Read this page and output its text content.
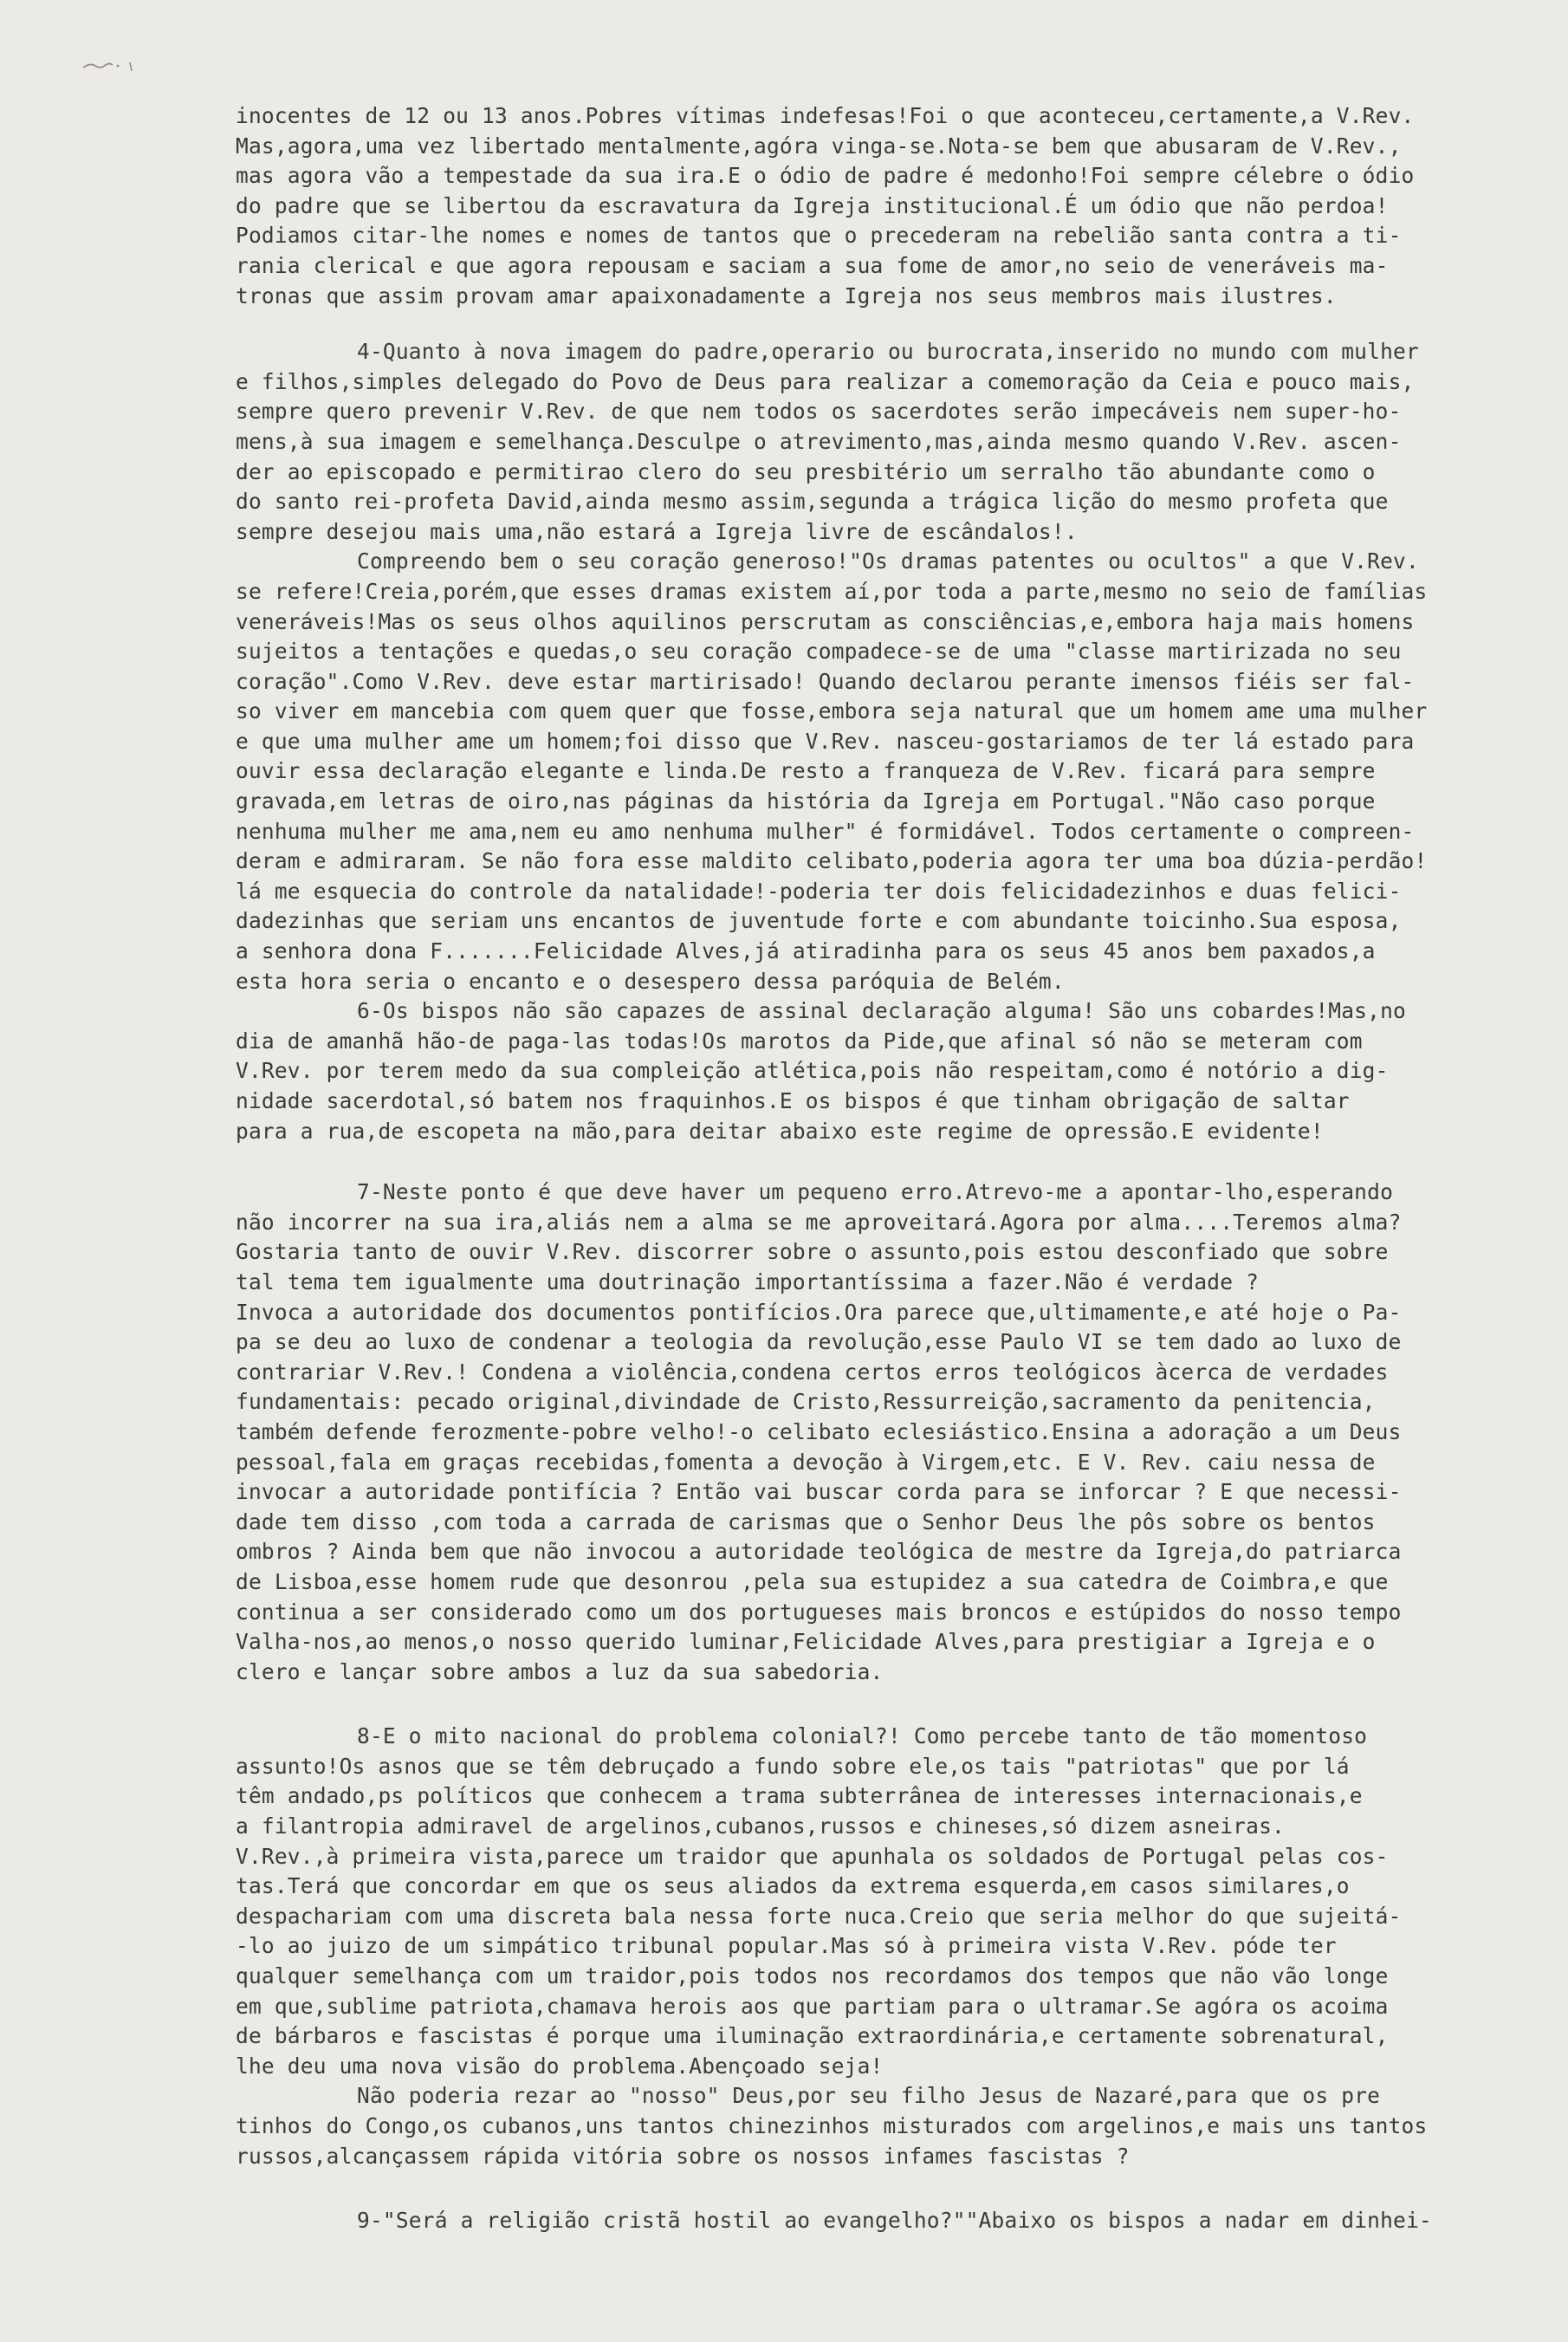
inocentes de 12 ou 13 anos.Pobres vítimas indefesas!Foi o que aconteceu,certamente,a V.Rev.
Mas,agora,uma vez libertado mentalmente,agóra vinga-se.Nota-se bem que abusaram de V.Rev.,
mas agora vão a tempestade da sua ira.E o ódio de padre é medonho!Foi sempre célebre o ódio
do padre que se libertou da escravatura da Igreja institucional.É um ódio que não perdoa!
Podiamos citar-lhe nomes e nomes de tantos que o precederam na rebelião santa contra a ti-
rania clerical e que agora repousam e saciam a sua fome de amor,no seio de veneráveis ma-
tronas que assim provam amar apaixonadamente a Igreja nos seus membros mais ilustres.
4-Quanto à nova imagem do padre,operario ou burocrata,inserido no mundo com mulher
e filhos,simples delegado do Povo de Deus para realizar a comemoração da Ceia e pouco mais,
sempre quero prevenir V.Rev. de que nem todos os sacerdotes serão impecáveis nem super-ho-
mens,à sua imagem e semelhança.Desculpe o atrevimento,mas,ainda mesmo quando V.Rev. ascen-
der ao episcopado e permitirao clero do seu presbitério um serralho tão abundante como o
do santo rei-profeta David,ainda mesmo assim,segunda a trágica lição do mesmo profeta que
sempre desejou mais uma,não estará a Igreja livre de escândalos!.
Compreendo bem o seu coração generoso!"Os dramas patentes ou ocultos" a que V.Rev.
se refere!Creia,porém,que esses dramas existem aí,por toda a parte,mesmo no seio de famílias
veneráveis!Mas os seus olhos aquilinos perscrutam as consciências,e,embora haja mais homens
sujeitos a tentações e quedas,o seu coração compadece-se de uma "classe martirizada no seu
coração".Como V.Rev. deve estar martirisado! Quando declarou perante imensos fiéis ser fal-
so viver em mancebia com quem quer que fosse,embora seja natural que um homem ame uma mulher
e que uma mulher ame um homem;foi disso que V.Rev. nasceu-gostariamos de ter lá estado para
ouvir essa declaração elegante e linda.De resto a franqueza de V.Rev. ficará para sempre
gravada,em letras de oiro,nas páginas da história da Igreja em Portugal."Não caso porque
nenhuma mulher me ama,nem eu amo nenhuma mulher" é formidável. Todos certamente o compreen-
deram e admiraram. Se não fora esse maldito celibato,poderia agora ter uma boa dúzia-perdão!
lá me esquecia do controle da natalidade!-poderia ter dois felicidadezinhos e duas felici-
dadezinhas que seriam uns encantos de juventude forte e com abundante toicinho.Sua esposa,
a senhora dona F.......Felicidade Alves,já atiradinha para os seus 45 anos bem paxados,a
esta hora seria o encanto e o desespero dessa paróquia de Belém.
6-Os bispos não são capazes de assinal declaração alguma! São uns cobardes!Mas,no
dia de amanhã hão-de paga-las todas!Os marotos da Pide,que afinal só não se meteram com
V.Rev. por terem medo da sua compleição atlética,pois não respeitam,como é notório a dig-
nidade sacerdotal,só batem nos fraquinhos.E os bispos é que tinham obrigação de saltar
para a rua,de escopeta na mão,para deitar abaixo este regime de opressão.E evidente!
7-Neste ponto é que deve haver um pequeno erro.Atrevo-me a apontar-lho,esperando
não incorrer na sua ira,aliás nem a alma se me aproveitará.Agora por alma....Teremos alma?
Gostaria tanto de ouvir V.Rev. discorrer sobre o assunto,pois estou desconfiado que sobre
tal tema tem igualmente uma doutrinação importantíssima a fazer.Não é verdade ?
Invoca a autoridade dos documentos pontifícios.Ora parece que,ultimamente,e até hoje o Pa-
pa se deu ao luxo de condenar a teologia da revolução,esse Paulo VI se tem dado ao luxo de
contrariar V.Rev.! Condena a violência,condena certos erros teológicos àcerca de verdades
fundamentais: pecado original,divindade de Cristo,Ressurreição,sacramento da penitencia,
também defende ferozmente-pobre velho!-o celibato eclesiástico.Ensina a adoração a um Deus
pessoal,fala em graças recebidas,fomenta a devoção à Virgem,etc. E V. Rev. caiu nessa de
invocar a autoridade pontifícia ? Então vai buscar corda para se inforcar ? E que necessi-
dade tem disso ,com toda a carrada de carismas que o Senhor Deus lhe pôs sobre os bentos
ombros ? Ainda bem que não invocou a autoridade teológica de mestre da Igreja,do patriarca
de Lisboa,esse homem rude que desonrou ,pela sua estupidez a sua catedra de Coimbra,e que
continua a ser considerado como um dos portugueses mais broncos e estúpidos do nosso tempo
Valha-nos,ao menos,o nosso querido luminar,Felicidade Alves,para prestigiar a Igreja e o
clero e lançar sobre ambos a luz da sua sabedoria.
8-E o mito nacional do problema colonial?! Como percebe tanto de tão momentoso
assunto!Os asnos que se têm debruçado a fundo sobre ele,os tais "patriotas" que por lá
têm andado,ps políticos que conhecem a trama subterrânea de interesses internacionais,e
a filantropia admiravel de argelinos,cubanos,russos e chineses,só dizem asneiras.
V.Rev.,à primeira vista,parece um traidor que apunhala os soldados de Portugal pelas cos-
tas.Terá que concordar em que os seus aliados da extrema esquerda,em casos similares,o
despachariam com uma discreta bala nessa forte nuca.Creio que seria melhor do que sujeitá-
-lo ao juizo de um simpático tribunal popular.Mas só à primeira vista V.Rev. póde ter
qualquer semelhança com um traidor,pois todos nos recordamos dos tempos que não vão longe
em que,sublime patriota,chamava herois aos que partiam para o ultramar.Se agóra os acoima
de bárbaros e fascistas é porque uma iluminação extraordinária,e certamente sobrenatural,
lhe deu uma nova visão do problema.Abençoado seja!
Não poderia rezar ao "nosso" Deus,por seu filho Jesus de Nazaré,para que os pre
tinhos do Congo,os cubanos,uns tantos chinezinhos misturados com argelinos,e mais uns tantos
russos,alcançassem rápida vitória sobre os nossos infames fascistas ?
9-"Será a religião cristã hostil ao evangelho?""Abaixo os bispos a nadar em dinhei-
